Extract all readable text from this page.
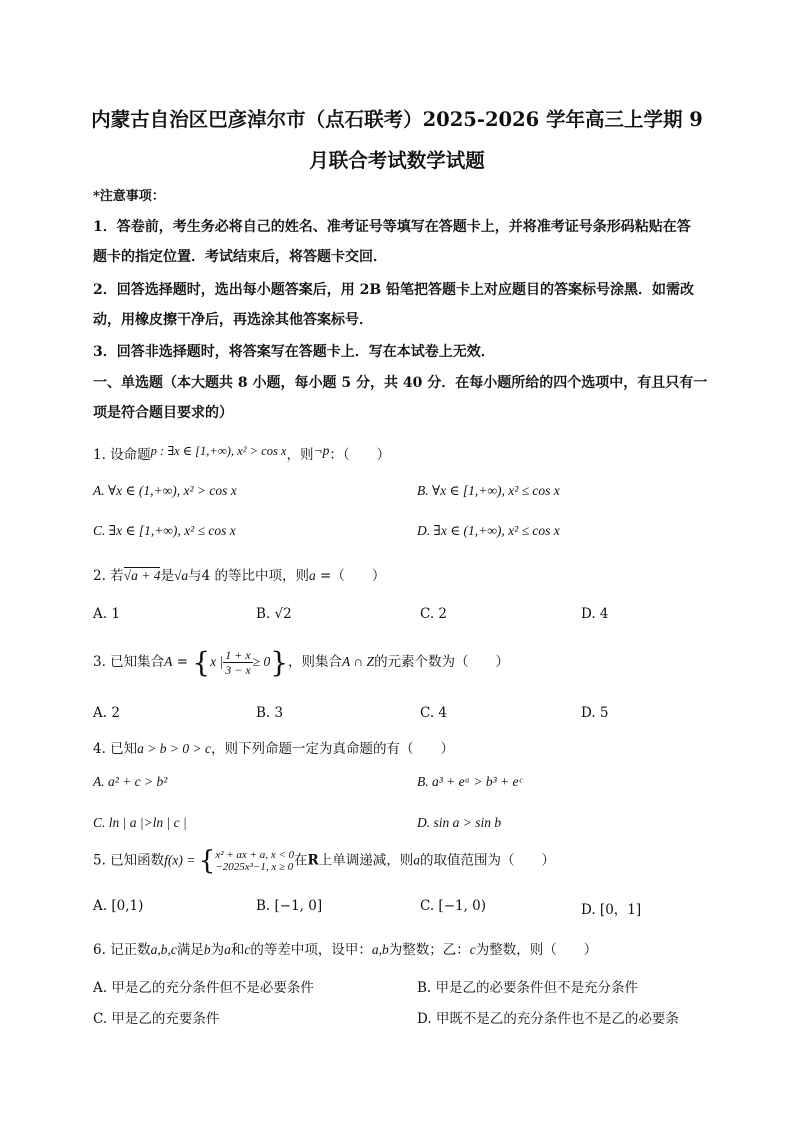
内蒙古自治区巴彦淖尔市（点石联考）2025-2026 学年高三上学期 9
月联合考试数学试题
*注意事项：
1．答卷前，考生务必将自己的姓名、准考证号等填写在答题卡上，并将准考证号条形码粘贴在答
题卡的指定位置．考试结束后，将答题卡交回．
2．回答选择题时，选出每小题答案后，用 2B 铅笔把答题卡上对应题目的答案标号涂黑．如需改
动，用橡皮擦干净后，再选涂其他答案标号．
3．回答非选择题时，将答案写在答题卡上．写在本试卷上无效．
一、单选题（本大题共 8 小题，每小题 5 分，共 40 分．在每小题所给的四个选项中，有且只有一
项是符合题目要求的）
1. 设命题p : ∃x ∈ [1,+∞), x² > cos x，则¬p：（　　）
A. ∀x ∈ (1,+∞), x² > cos x	B. ∀x ∈ [1,+∞), x² ≤ cos x
C. ∃x ∈ [1,+∞), x² ≤ cos x	D. ∃x ∈ (1,+∞), x² ≤ cos x
2. 若√a + 4是√a与4 的等比中项，则a =（　　）
A. 1	B. √2	C. 2	D. 4
3. 已知集合A = {x | $\frac{1 + x}{3 - x} \ge 0$}，则集合A ∩ Z的元素个数为（　　）
A. 2	B. 3	C. 4	D. 5
4. 已知a > b > 0 > c，则下列命题一定为真命题的有（　　）
A. a² + c > b²	B. a³ + eᵃ > b³ + eᶜ
C. ln | a |>ln | c |	D. sin a > sin b
5. 已知函数f(x) = { x² + ax + a, x < 0
−2025x³−1, x ≥ 0 在R上单调递减，则a的取值范围为（　　）
A. [0,1)	B. [−1, 0]	C. [−1, 0)	D. [0，1]
6. 记正数a,b,c满足b为a和c的等差中项，设甲：a,b为整数；乙：c为整数，则（　　）
A. 甲是乙的充分条件但不是必要条件	B. 甲是乙的必要条件但不是充分条件
C. 甲是乙的充要条件	D. 甲既不是乙的充分条件也不是乙的必要条
